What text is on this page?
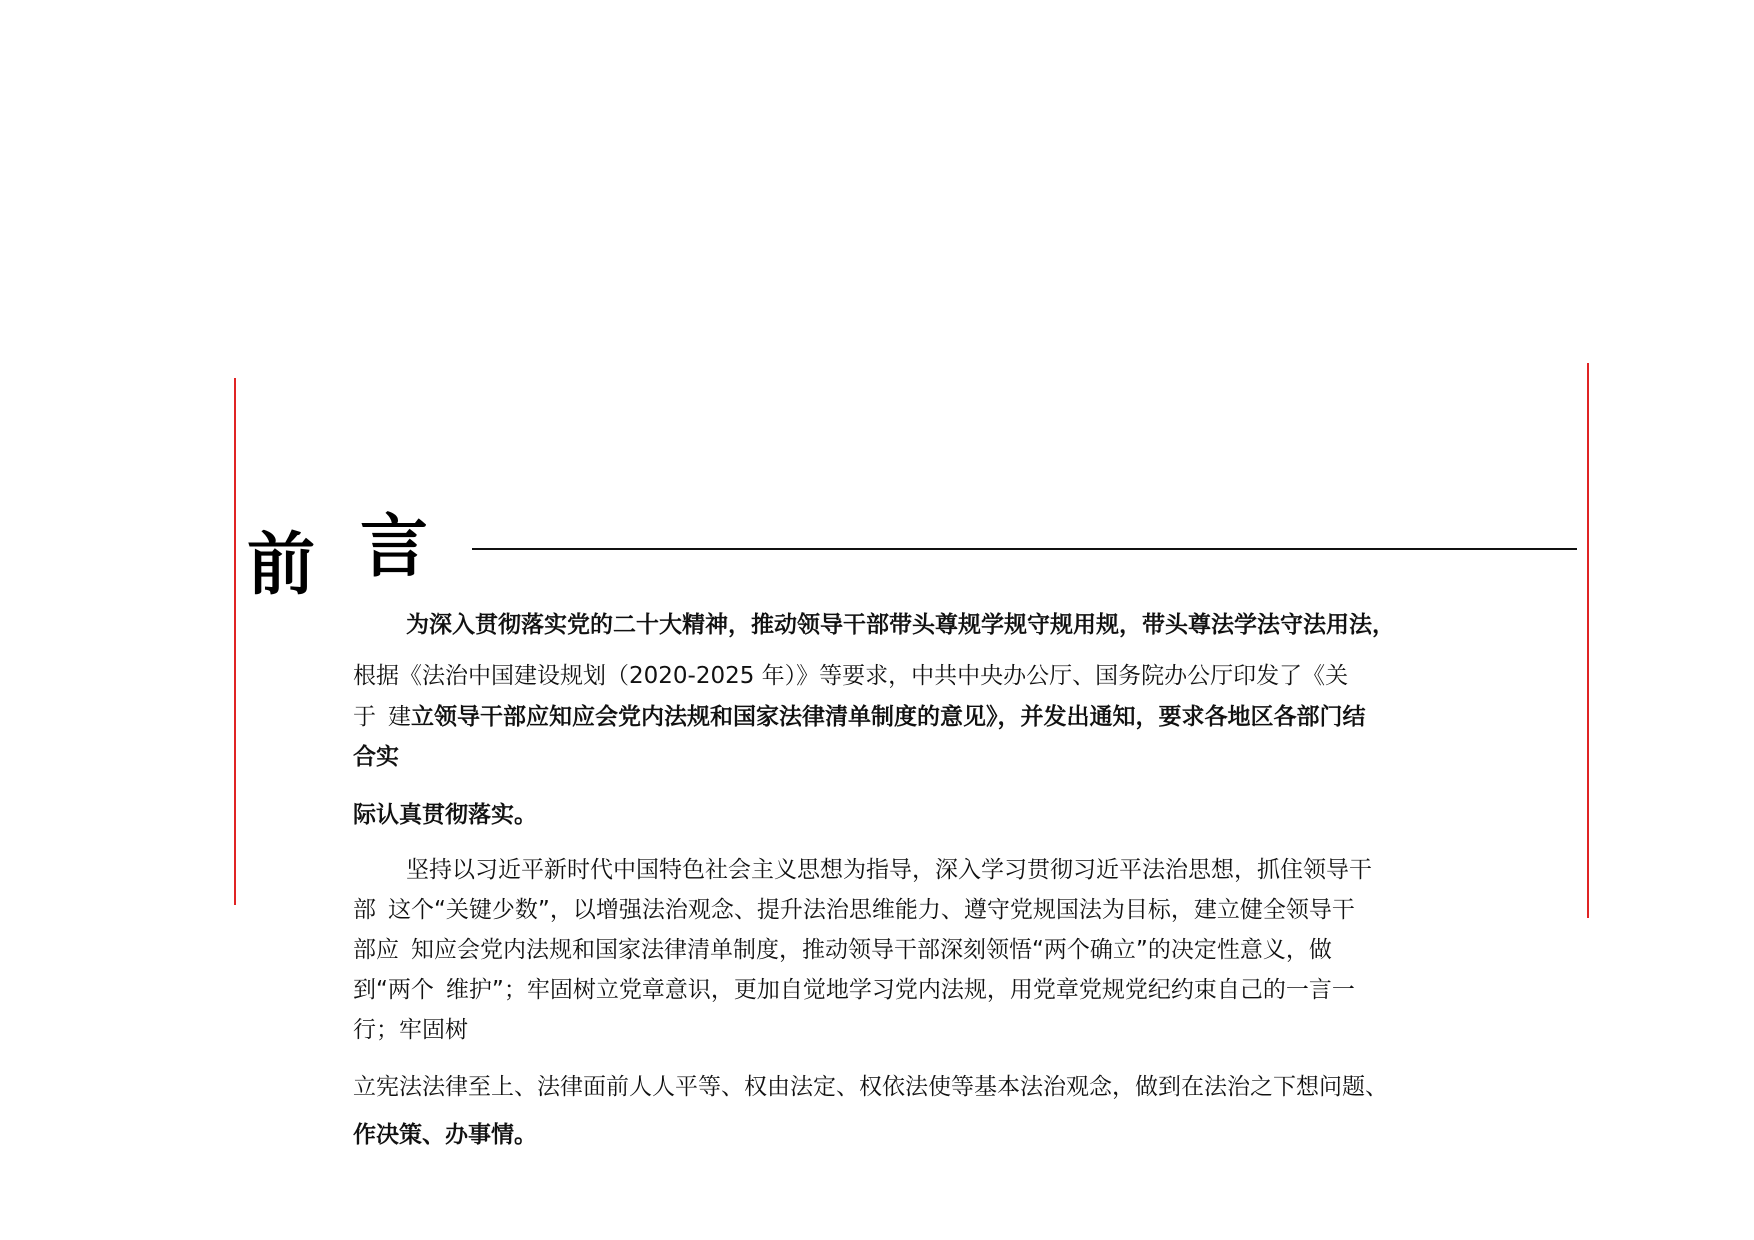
前 言
为深入贯彻落实党的二十大精神，推动领导干部带头尊规学规守规用规，带头尊法学法守法用法，
根据《法治中国建设规划（2020-2025 年）》等要求，中共中央办公厅、国务院办公厅印发了《关
于 建立领导干部应知应会党内法规和国家法律清单制度的意见》，并发出通知，要求各地区各部门结
合实
际认真贯彻落实。
坚持以习近平新时代中国特色社会主义思想为指导，深入学习贯彻习近平法治思想，抓住领导干
部 这个“关键少数”，以增强法治观念、提升法治思维能力、遵守党规国法为目标，建立健全领导干
部应 知应会党内法规和国家法律清单制度，推动领导干部深刻领悟“两个确立”的决定性意义，做
到“两个 维护”；牢固树立党章意识，更加自觉地学习党内法规，用党章党规党纪约束自己的一言一
行；牢固树
立宪法法律至上、法律面前人人平等、权由法定、权依法使等基本法治观念，做到在法治之下想问题、
作决策、办事情。
